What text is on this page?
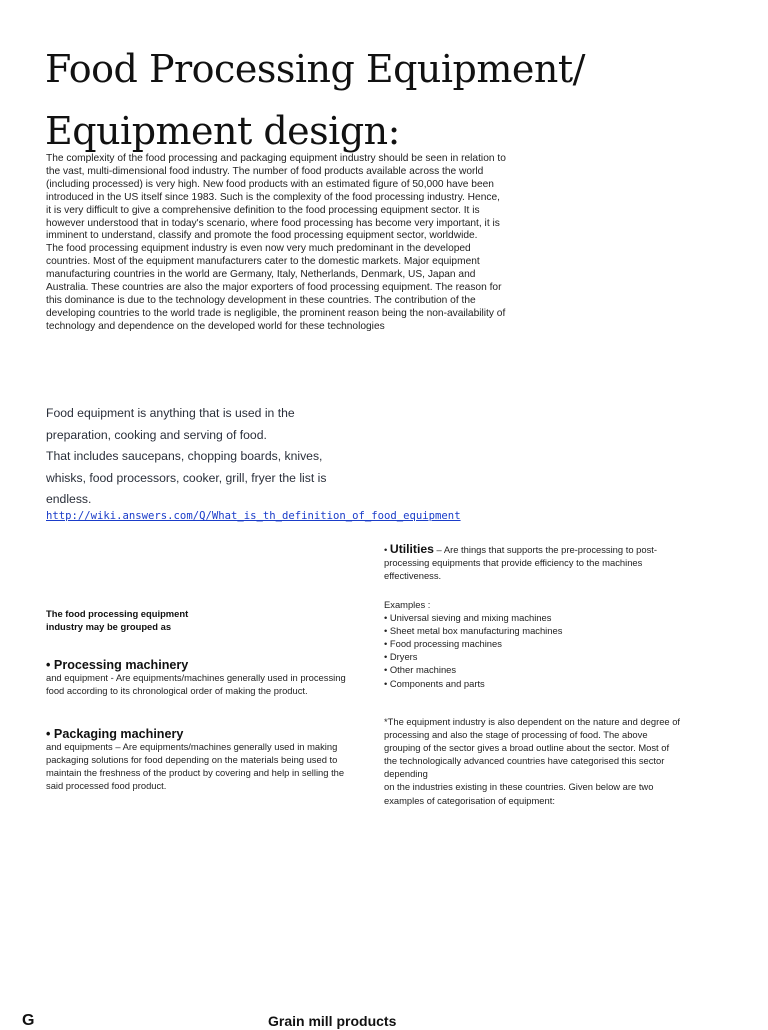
Food Processing Equipment/
Equipment design:

The complexity of the food processing and packaging equipment industry should be seen in relation to the vast, multi-dimensional food industry. The number of food products available across the world (including processed) is very high. New food products with an estimated figure of 50,000 have been introduced in the US itself since 1983. Such is the complexity of the food processing industry. Hence, it is very difficult to give a comprehensive definition to the food processing equipment sector. It is however understood that in today's scenario, where food processing has become very important, it is imminent to understand, classify and promote the food processing equipment sector, worldwide.

The food processing equipment industry is even now very much predominant in the developed countries. Most of the equipment manufacturers cater to the domestic markets. Major equipment manufacturing countries in the world are Germany, Italy, Netherlands, Denmark, US, Japan and Australia. These countries are also the major exporters of food processing equipment. The reason for this dominance is due to the technology development in these countries. The contribution of the developing countries to the world trade is negligible, the prominent reason being the non-availability of technology and dependence on the developed world for these technologies

Food equipment is anything that is used in the preparation, cooking and serving of food.

That includes saucepans, chopping boards, knives, whisks, food processors, cooker, grill, fryer the list is endless.

http://wiki.answers.com/Q/What_is_th_definition_of_food_equipment
The food processing equipment industry may be grouped as
• Processing machinery
and equipment - Are equipments/machines generally used in processing food according to its chronological order of making the product.
• Packaging machinery
and equipments – Are equipments/machines generally used in making packaging solutions for food depending on the materials being used to maintain the freshness of the product by covering and help in selling the said processed food product.
• Utilities – Are things that supports the pre-processing to post-processing equipments that provide efficiency to the machines effectiveness.
Examples :
• Universal sieving and mixing machines
• Sheet metal box manufacturing machines
• Food processing machines
• Dryers
• Other machines
• Components and parts
*The equipment industry is also dependent on the nature and degree of processing and also the stage of processing of food. The above grouping of the sector gives a broad outline about the sector. Most of the technologically advanced countries have categorised this sector depending
on the industries existing in these countries. Given below are two examples of categorisation of equipment:
G	Grain mill products
